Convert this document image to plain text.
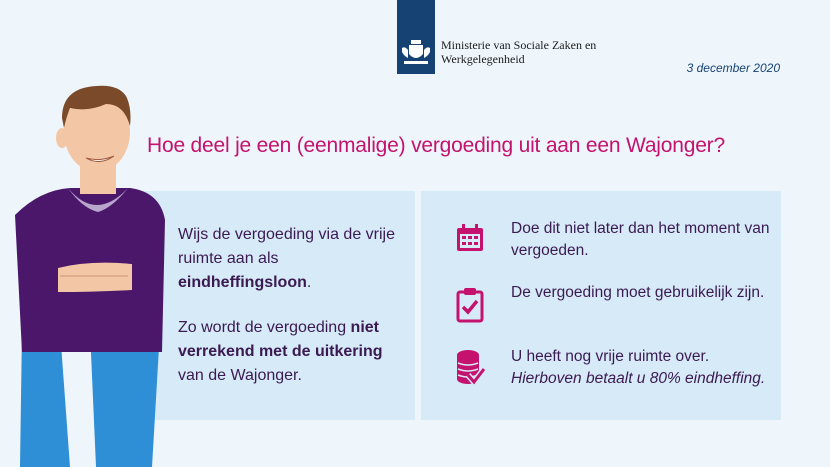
Ministerie van Sociale Zaken en
Werkgelegenheid
3 december 2020
Hoe deel je een (eenmalige) vergoeding uit aan een Wajonger?
Wijs de vergoeding via de vrije ruimte aan als eindheffingsloon.
Zo wordt de vergoeding niet verrekend met de uitkering van de Wajonger.
Doe dit niet later dan het moment van vergoeden.
De vergoeding moet gebruikelijk zijn.
U heeft nog vrije ruimte over.
Hierboven betaalt u 80% eindheffing.
